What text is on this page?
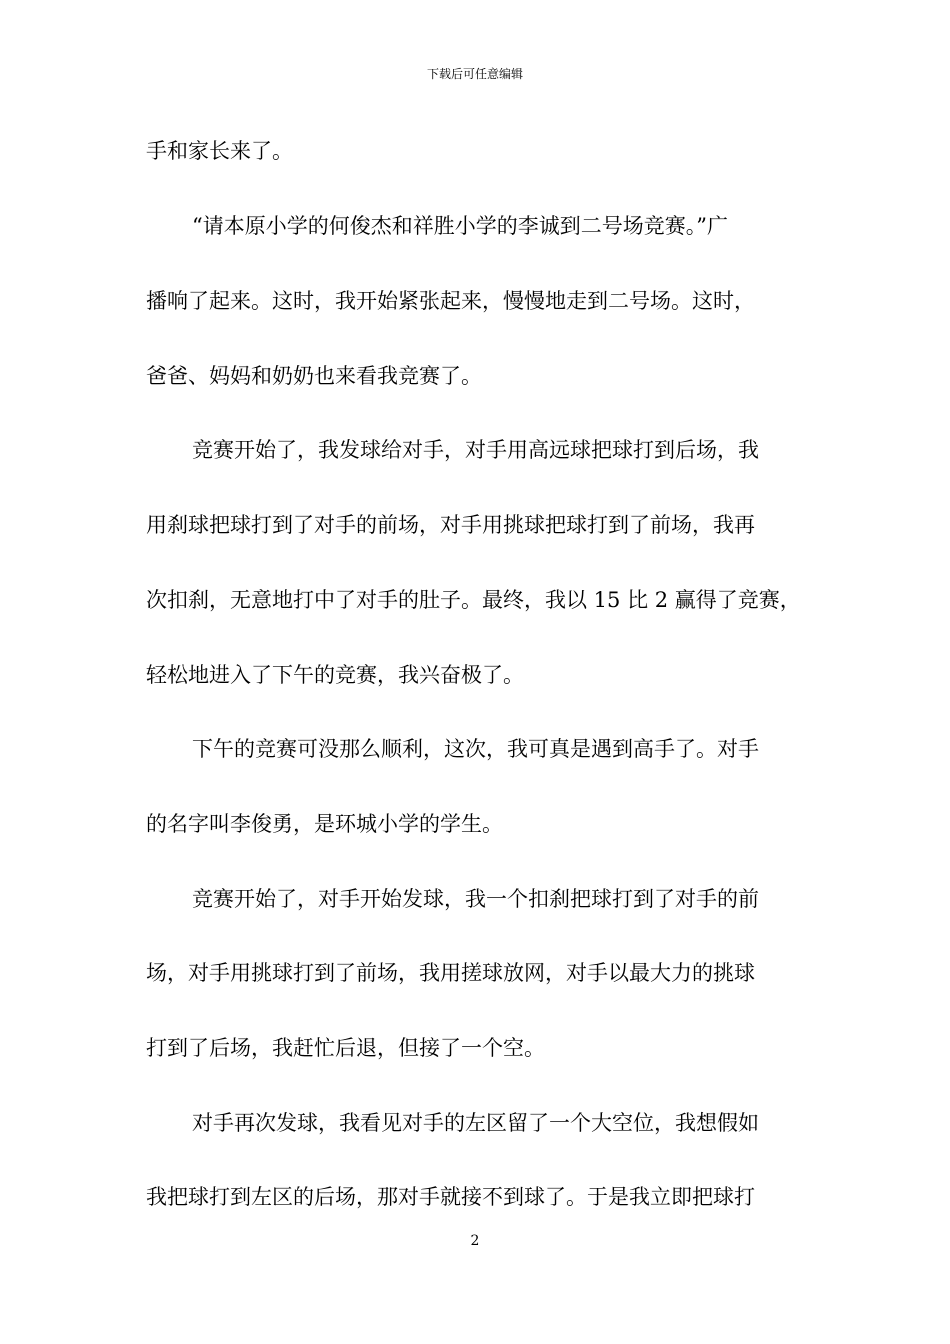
下载后可任意编辑
手和家长来了。
“请本原小学的何俊杰和祥胜小学的李诚到二号场竞赛。”广
播响了起来。这时，我开始紧张起来，慢慢地走到二号场。这时，
爸爸、妈妈和奶奶也来看我竞赛了。
竞赛开始了，我发球给对手，对手用高远球把球打到后场，我
用刹球把球打到了对手的前场，对手用挑球把球打到了前场，我再
次扣刹，无意地打中了对手的肚子。最终，我以 15 比 2 赢得了竞赛，
轻松地进入了下午的竞赛，我兴奋极了。
下午的竞赛可没那么顺利，这次，我可真是遇到高手了。对手
的名字叫李俊勇，是环城小学的学生。
竞赛开始了，对手开始发球，我一个扣刹把球打到了对手的前
场，对手用挑球打到了前场，我用搓球放网，对手以最大力的挑球
打到了后场，我赶忙后退，但接了一个空。
对手再次发球，我看见对手的左区留了一个大空位，我想假如
我把球打到左区的后场，那对手就接不到球了。于是我立即把球打
2
